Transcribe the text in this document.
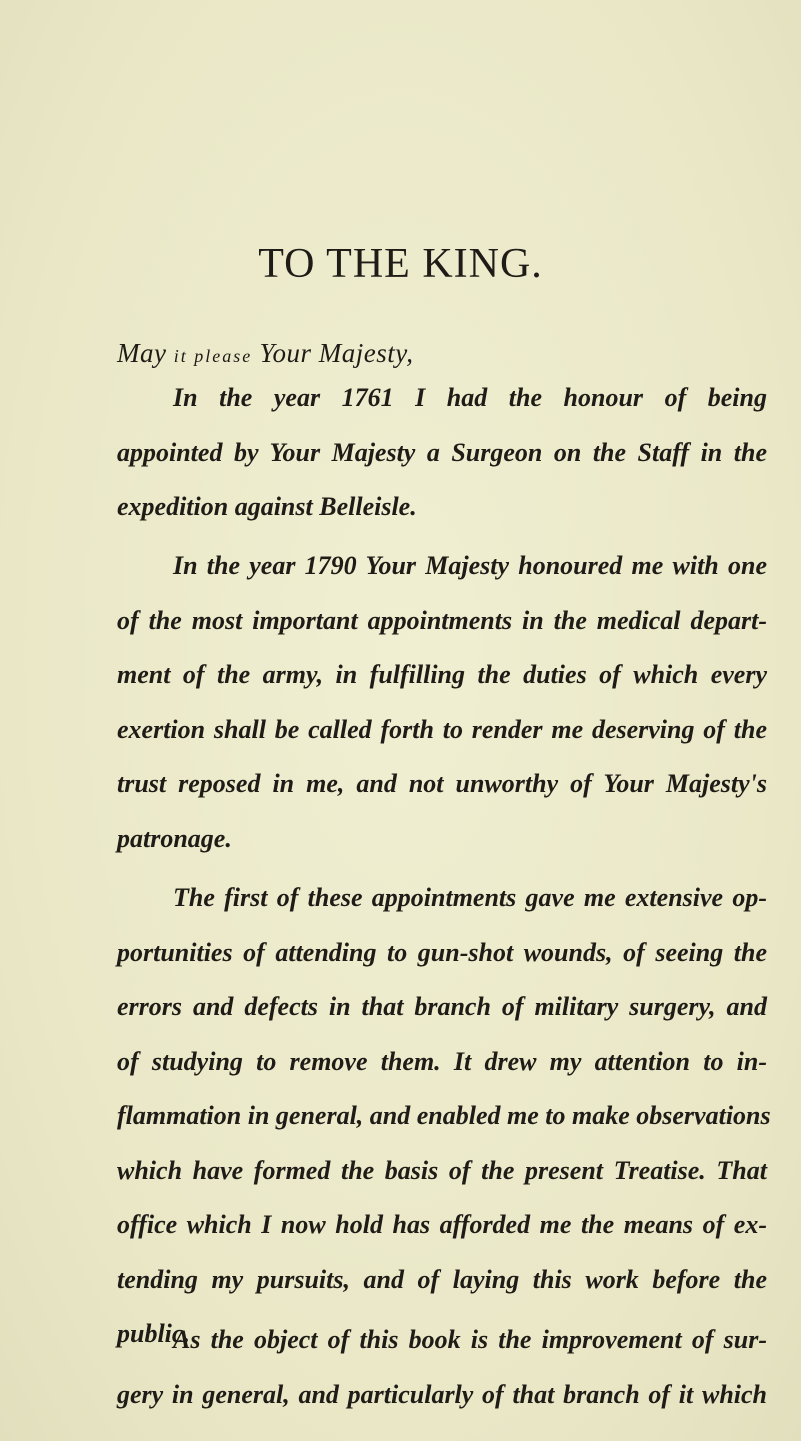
TO THE KING.
May it please Your Majesty,
In the year 1761 I had the honour of being
appointed by Your Majesty a Surgeon on the Staff in the
expedition against Belleisle.
In the year 1790 Your Majesty honoured me with one
of the most important appointments in the medical depart-
ment of the army, in fulfilling the duties of which every
exertion shall be called forth to render me deserving of the
trust reposed in me, and not unworthy of Your Majesty's
patronage.
The first of these appointments gave me extensive op-
portunities of attending to gun-shot wounds, of seeing the
errors and defects in that branch of military surgery, and
of studying to remove them. It drew my attention to in-
flammation in general, and enabled me to make observations
which have formed the basis of the present Treatise. That
office which I now hold has afforded me the means of ex-
tending my pursuits, and of laying this work before the
public.
As the object of this book is the improvement of sur-
gery in general, and particularly of that branch of it which
